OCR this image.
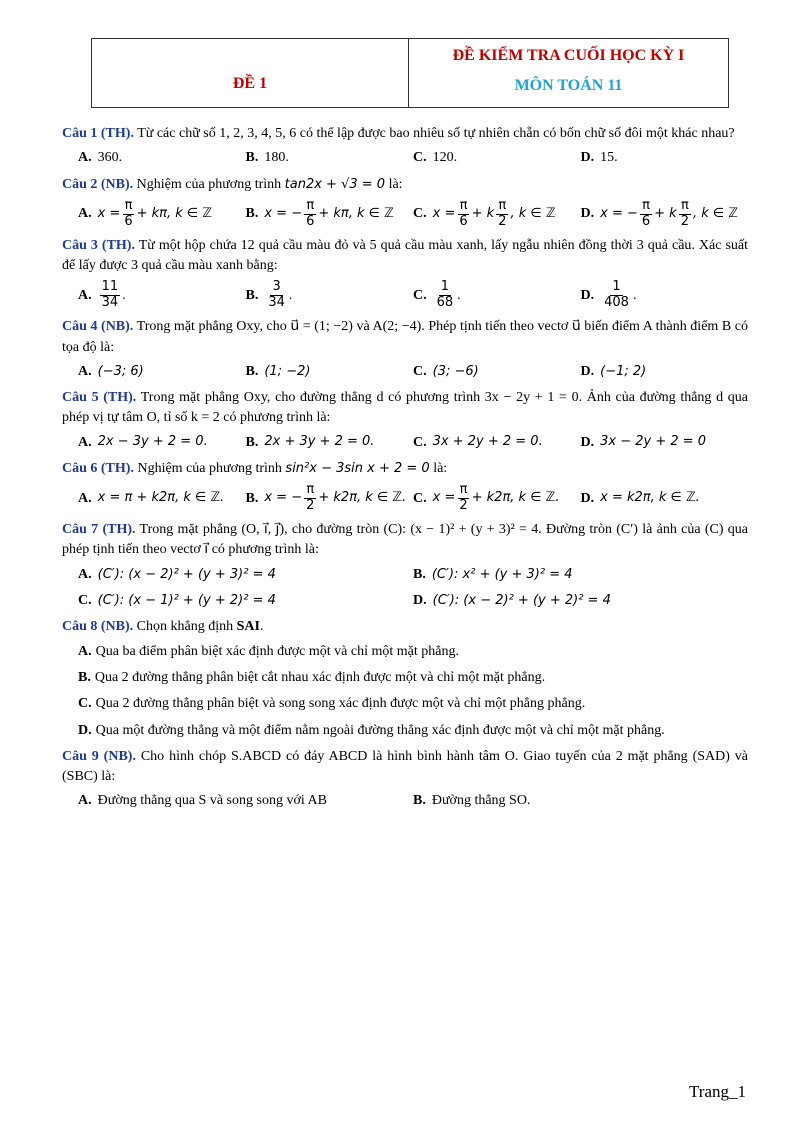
ĐỀ 1
ĐỀ KIỂM TRA CUỐI HỌC KỲ I
MÔN TOÁN 11

Câu 1 (TH). Từ các chữ số 1, 2, 3, 4, 5, 6 có thể lập được bao nhiêu số tự nhiên chẵn có bốn chữ số đôi một khác nhau?

A. 360.	B. 180.	C. 120.	D. 15.

Câu 2 (NB). Nghiệm của phương trình tan2x + √3 = 0 là:

A. $x = \frac{\pi}{6} + k\pi$, k ∈ ℤ B. x = − $\frac{\pi}{6} + k\pi$, k ∈ ℤ C. $x = \frac{\pi}{6} + k \frac{\pi}{2}$ , k ∈ ℤ D. x = − $\frac{\pi}{6} + k \frac{\pi}{2}$ , k ∈ ℤ

Câu 3 (TH). Từ một hộp chứa 12 quả cầu màu đỏ và 5 quả cầu màu xanh, lấy ngẫu nhiên đồng thời 3 quả cầu. Xác suất để lấy được 3 quả cầu màu xanh bằng:

A. $\frac{11}{34}$ .	B. $\frac{3}{34}$ .	C. $\frac{1}{68}$ .	D. $\frac{1}{408}$ .

Câu 4 (NB). Trong mặt phẳng Oxy, cho u⃗ = (1; −2) và A(2; −4). Phép tịnh tiến theo vectơ u⃗ biến điểm A thành điểm B có tọa độ là:

A. (−3; 6)	B. (1; −2)	C. (3; −6)	D. (−1; 2)

Câu 5 (TH). Trong mặt phẳng Oxy, cho đường thẳng d có phương trình 3x − 2y + 1 = 0. Ảnh của đường thẳng d qua phép vị tự tâm O, tỉ số k = 2 có phương trình là:

A. 2x − 3y + 2 = 0.	B. 2x + 3y + 2 = 0.	C. 3x + 2y + 2 = 0.	D. 3x − 2y + 2 = 0

Câu 6 (TH). Nghiệm của phương trình sin²x − 3sin x + 2 = 0 là:

A. x = π + k2π, k ∈ ℤ. B. x = − $\frac{\pi}{2} + k2\pi$, k ∈ ℤ. C. $x = \frac{\pi}{2} + k2\pi$, k ∈ ℤ. D. x = k2π, k ∈ ℤ.

Câu 7 (TH). Trong mặt phẳng (O, i⃗, j⃗), cho đường tròn (C): (x − 1)² + (y + 3)² = 4. Đường tròn (C′) là ảnh của (C) qua phép tịnh tiến theo vectơ i⃗ có phương trình là:

A. (C′): (x − 2)² + (y + 3)² = 4	B. (C′): x² + (y + 3)² = 4
C. (C′): (x − 1)² + (y + 2)² = 4	D. (C′): (x − 2)² + (y + 2)² = 4

Câu 8 (NB). Chọn khẳng định SAI.

A. Qua ba điểm phân biệt xác định được một và chỉ một mặt phẳng.
B. Qua 2 đường thẳng phân biệt cắt nhau xác định được một và chỉ một mặt phẳng.
C. Qua 2 đường thẳng phân biệt và song song xác định được một và chỉ một phẳng phẳng.
D. Qua một đường thẳng và một điểm nằm ngoài đường thẳng xác định được một và chỉ một mặt phẳng.

Câu 9 (NB). Cho hình chóp S.ABCD có đáy ABCD là hình bình hành tâm O. Giao tuyến của 2 mặt phẳng (SAD) và (SBC) là:

A. Đường thẳng qua S và song song với AB	B. Đường thẳng SO.
Trang_1
